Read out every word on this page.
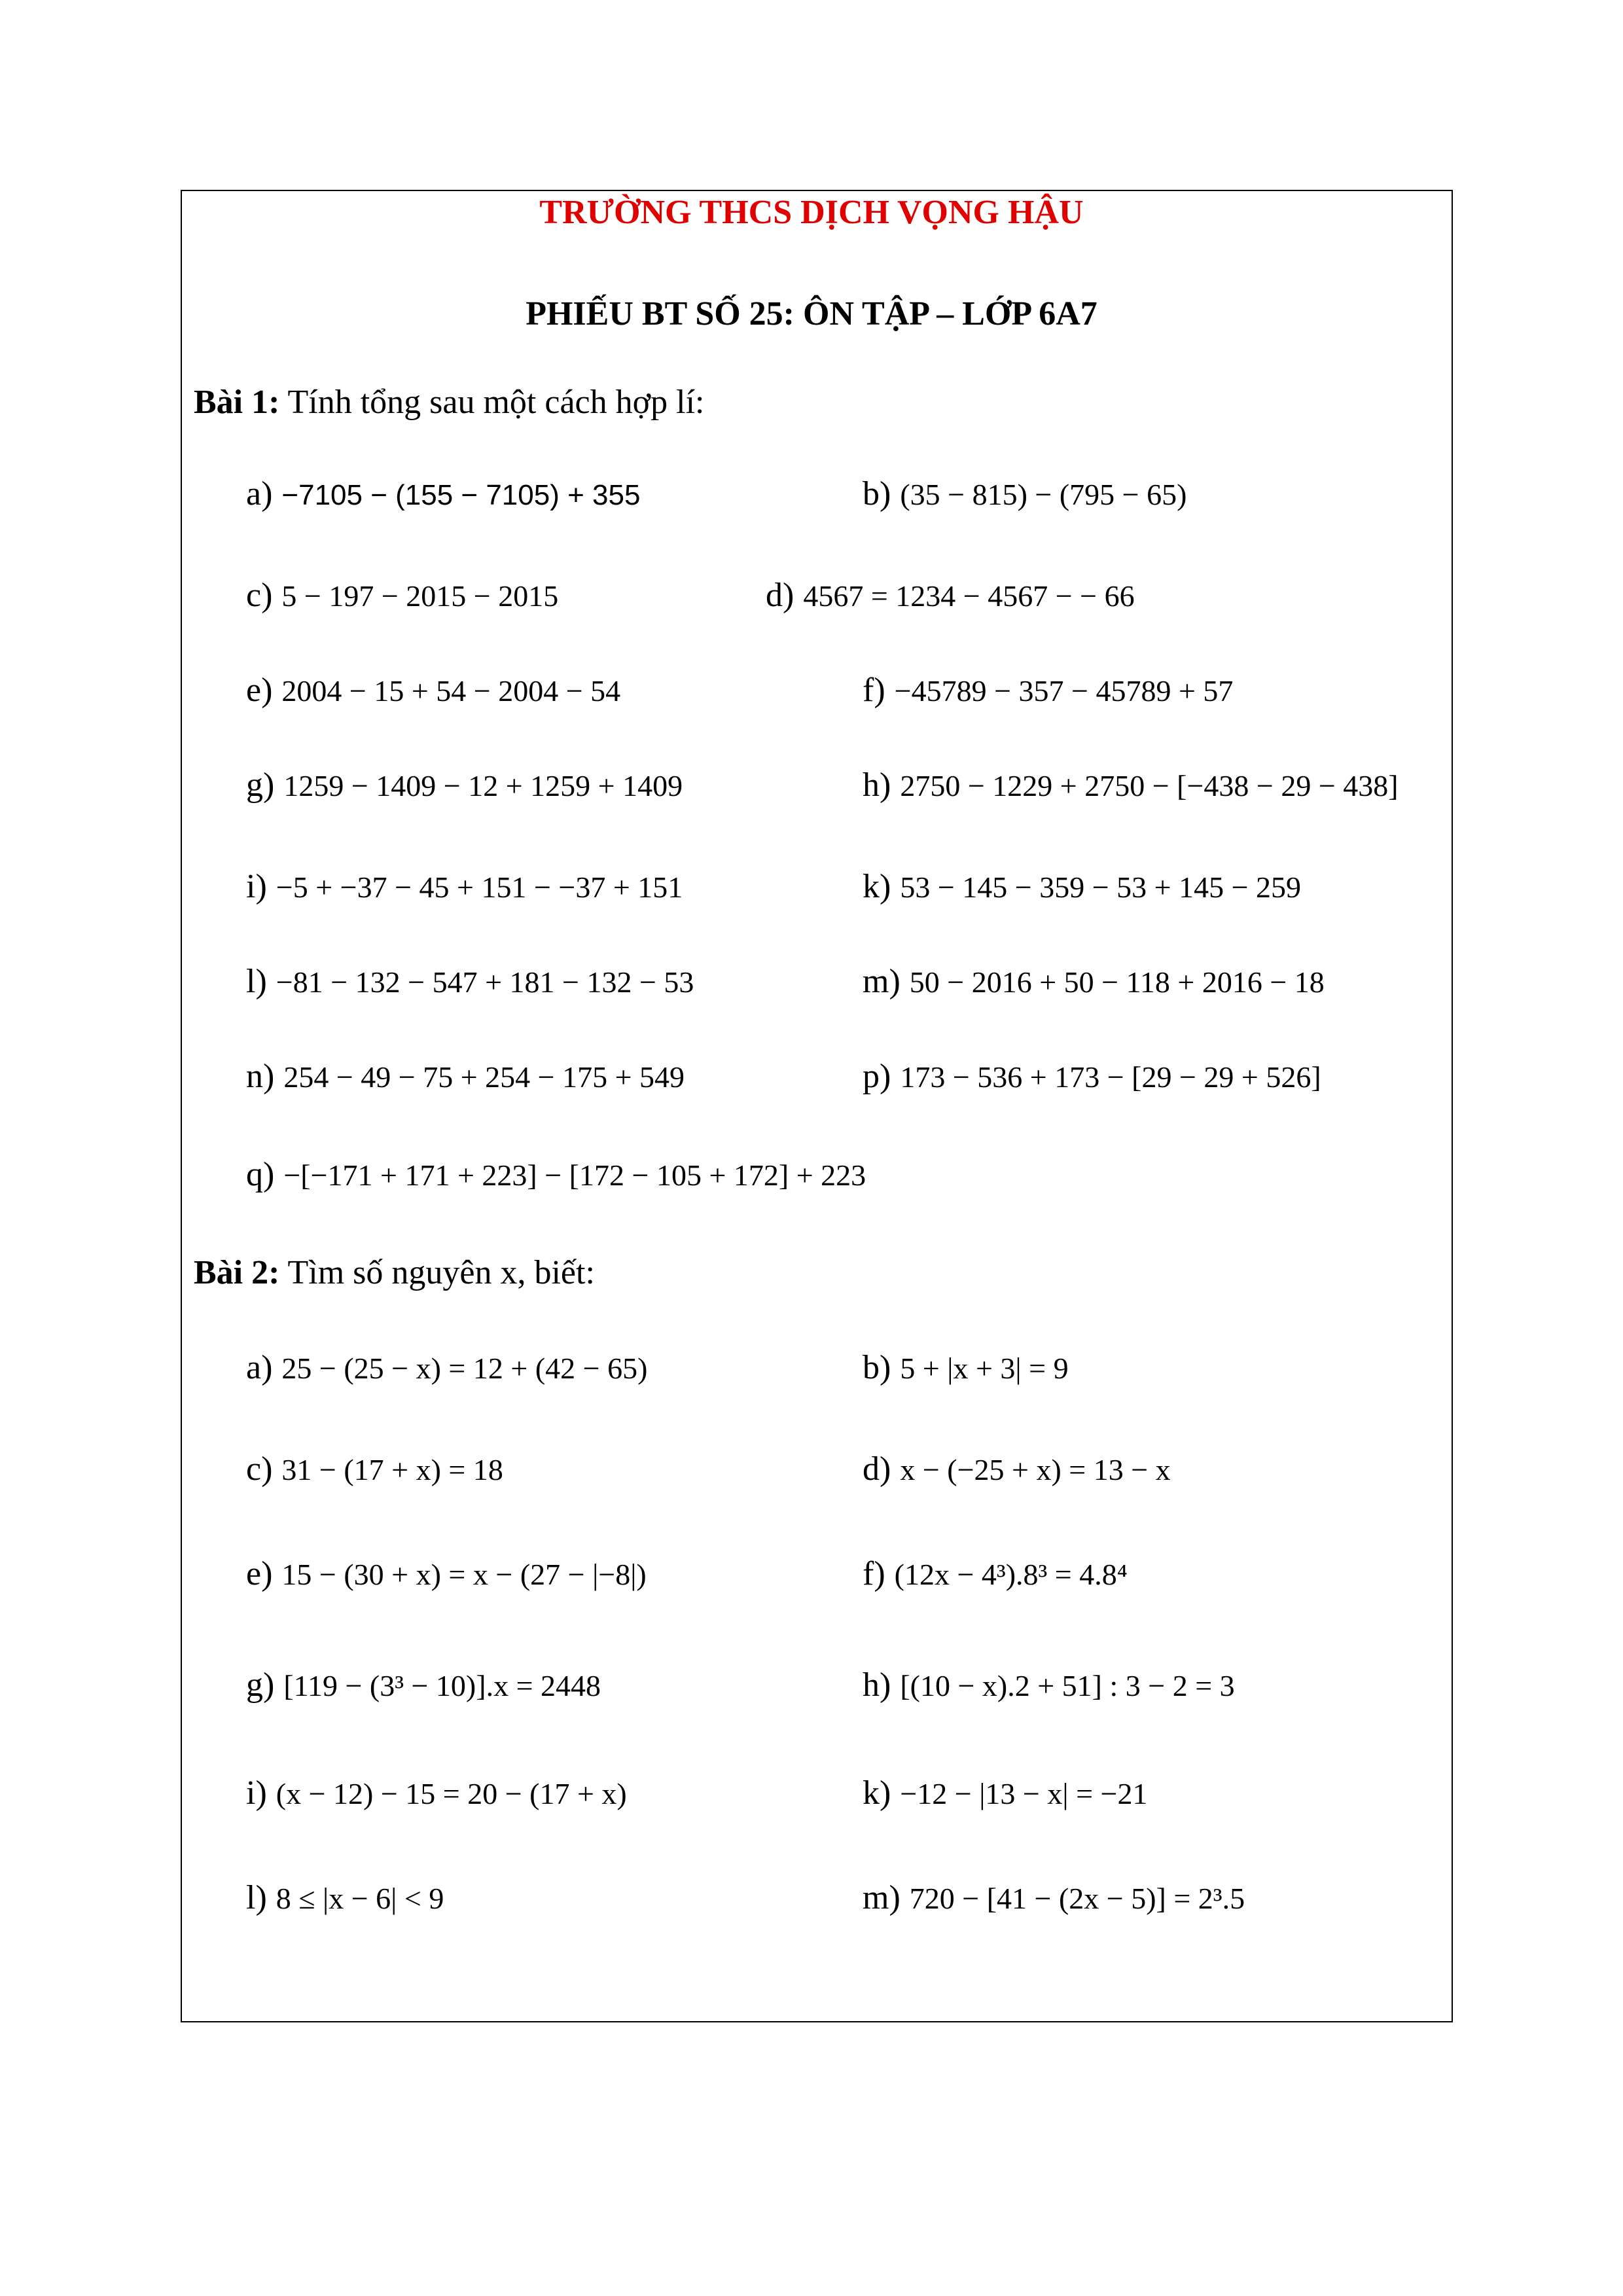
TRƯỜNG THCS DỊCH VỌNG HẬU
PHIẾU BT SỐ 25: ÔN TẬP – LỚP 6A7
Bài 1: Tính tổng sau một cách hợp lí:
a) −7105 − (155 − 7105) + 355	b) (35 − 815) − (795 − 65)
c) 5 − 197 − 2015 − 2015	d) 4567 = 1234 − 4567 − − 66
e) 2004 − 15 + 54 − 2004 − 54	f) −45789 − 357 − 45789 + 57
g) 1259 − 1409 − 12 + 1259 + 1409	h) 2750 − 1229 + 2750 − [−438 − 29 − 438]
i) −5 + −37 − 45 + 151 − −37 + 151	k) 53 − 145 − 359 − 53 + 145 − 259
l) −81 − 132 − 547 + 181 − 132 − 53	m) 50 − 2016 + 50 − 118 + 2016 − 18
n) 254 − 49 − 75 + 254 − 175 + 549	p) 173 − 536 + 173 − [29 − 29 + 526]
q) −[−171 + 171 + 223] − [172 − 105 + 172] + 223
Bài 2: Tìm số nguyên x, biết:
a) 25 − (25 − x) = 12 + (42 − 65)	b) 5 + |x + 3| = 9
c) 31 − (17 + x) = 18	d) x − (−25 + x) = 13 − x
e) 15 − (30 + x) = x − (27 − |−8|)	f) (12x − 4³).8³ = 4.8⁴
g) [119 − (3³ − 10)].x = 2448	h) [(10 − x).2 + 51] : 3 − 2 = 3
i) (x − 12) − 15 = 20 − (17 + x)	k) −12 − |13 − x| = −21
l) 8 ≤ |x − 6| < 9	m) 720 − [41 − (2x − 5)] = 2³.5
